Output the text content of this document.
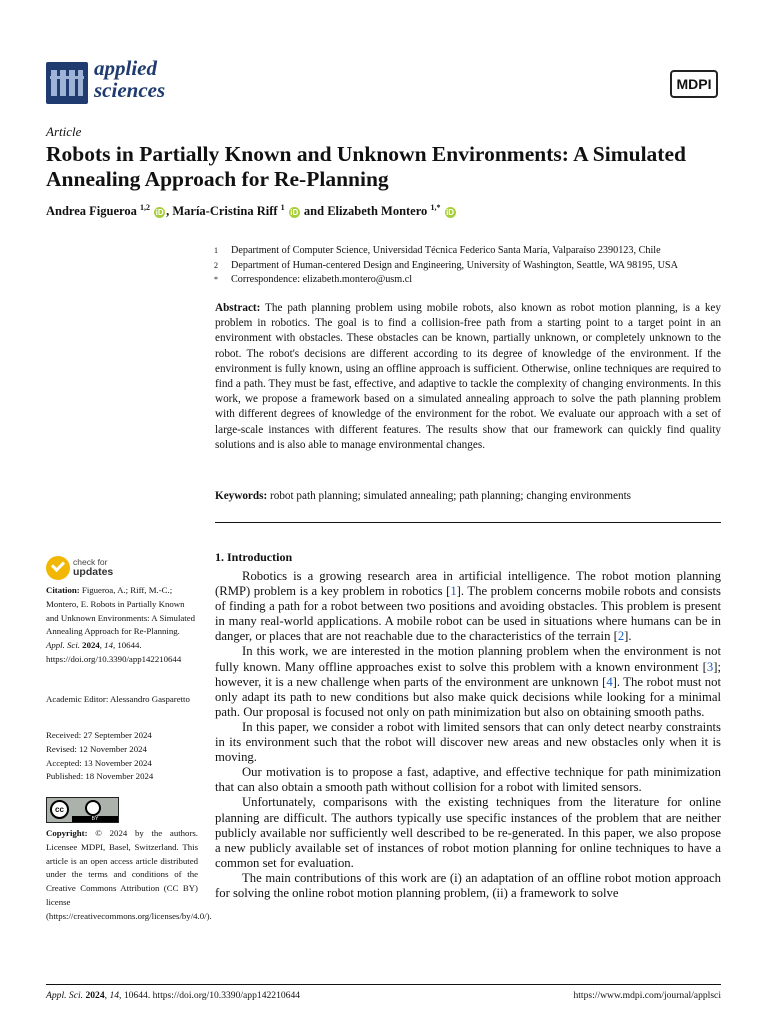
applied
sciences	MDPI
Article
Robots in Partially Known and Unknown Environments: A Simulated Annealing Approach for Re-Planning
Andrea Figueroa $^{1,2}$ iD , María-Cristina Riff $^1$ iD and Elizabeth Montero $^{1,*}$ iD
1	Department of Computer Science, Universidad Técnica Federico Santa María, Valparaíso 2390123, Chile
2	Department of Human-centered Design and Engineering, University of Washington, Seattle, WA 98195, USA
*	Correspondence: elizabeth.montero@usm.cl
Abstract: The path planning problem using mobile robots, also known as robot motion planning, is a key problem in robotics. The goal is to find a collision-free path from a starting point to a target point in an environment with obstacles. These obstacles can be known, partially unknown, or completely unknown to the robot. The robot's decisions are different according to its degree of knowledge of the environment. If the environment is fully known, using an offline approach is sufficient. Otherwise, online techniques are required to find a path. They must be fast, effective, and adaptive to tackle the complexity of changing environments. In this work, we propose a framework based on a simulated annealing approach to solve the path planning problem with different degrees of knowledge of the environment for the robot. We evaluate our approach with a set of large-scale instances with different features. The results show that our framework can quickly find quality solutions and is also able to manage environmental changes.
Keywords: robot path planning; simulated annealing; path planning; changing environments
check for
updates
Citation: Figueroa, A.; Riff, M.-C.; Montero, E. Robots in Partially Known and Unknown Environments: A Simulated Annealing Approach for Re-Planning. Appl. Sci. 2024, 14, 10644. https://doi.org/10.3390/app142210644
Academic Editor: Alessandro Gasparetto
Received: 27 September 2024
Revised: 12 November 2024
Accepted: 13 November 2024
Published: 18 November 2024
cc
BY
Copyright: © 2024 by the authors. Licensee MDPI, Basel, Switzerland. This article is an open access article distributed under the terms and conditions of the Creative Commons Attribution (CC BY) license (https://creativecommons.org/licenses/by/4.0/).
1. Introduction

Robotics is a growing research area in artificial intelligence. The robot motion planning (RMP) problem is a key problem in robotics [1]. The problem concerns mobile robots and consists of finding a path for a robot between two positions and avoiding obstacles. This problem is present in many real-world applications. A mobile robot can be used in situations where humans can be in danger, or places that are not reachable due to the characteristics of the terrain [2].

In this work, we are interested in the motion planning problem when the environment is not fully known. Many offline approaches exist to solve this problem with a known environment [3]; however, it is a new challenge when parts of the environment are unknown [4]. The robot must not only adapt its path to new conditions but also make quick decisions while looking for a minimal path. Our proposal is focused not only on path minimization but also on obtaining smooth paths.

In this paper, we consider a robot with limited sensors that can only detect nearby constraints in its environment such that the robot will discover new areas and new obstacles only when it is moving.

Our motivation is to propose a fast, adaptive, and effective technique for path minimization that can also obtain a smooth path without collision for a robot with limited sensors.

Unfortunately, comparisons with the existing techniques from the literature for online planning are difficult. The authors typically use specific instances of the problem that are neither publicly available nor sufficiently well described to be re-generated. In this paper, we also propose a new publicly available set of instances of robot motion planning for online techniques to have a common set for evaluation.

The main contributions of this work are (i) an adaptation of an offline robot motion approach for solving the online robot motion planning problem, (ii) a framework to solve

Appl. Sci. 2024, 14, 10644. https://doi.org/10.3390/app142210644	https://www.mdpi.com/journal/applsci
